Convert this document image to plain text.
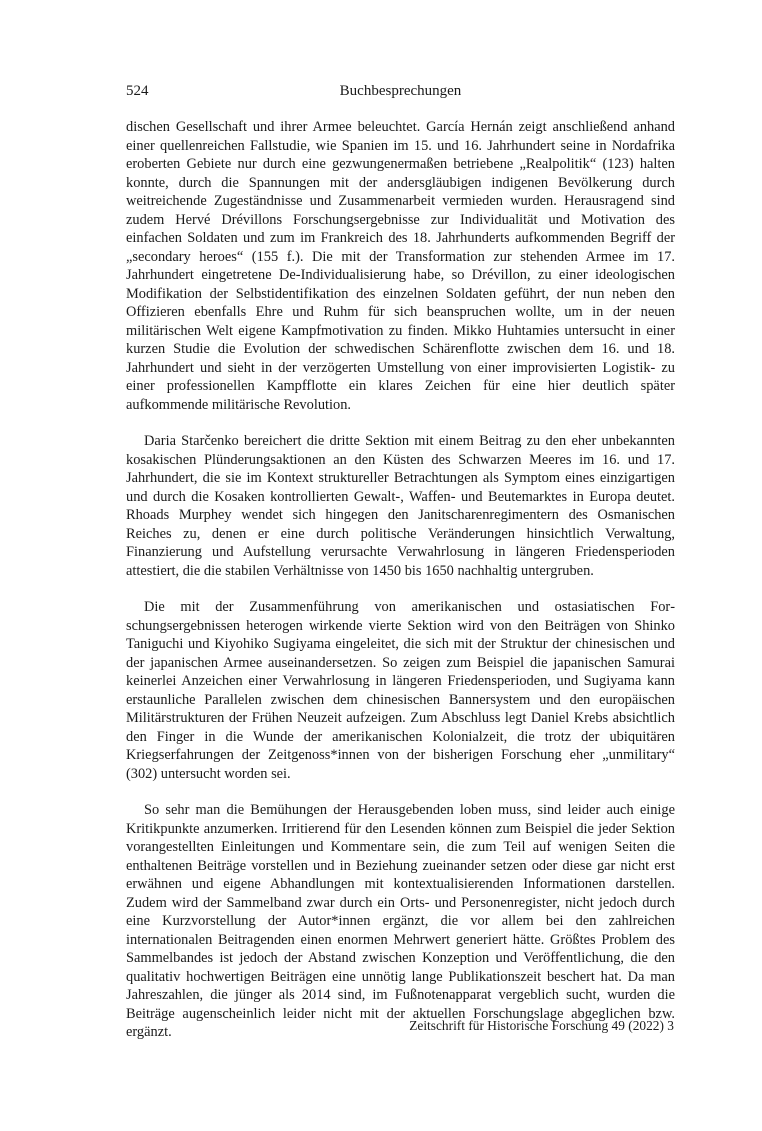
524	Buchbesprechungen

dischen Gesellschaft und ihrer Armee beleuchtet. García Hernán zeigt anschließend anhand einer quellenreichen Fallstudie, wie Spanien im 15. und 16. Jahrhundert seine in Nordafrika eroberten Gebiete nur durch eine gezwungenermaßen betriebene „Realpolitik“ (123) halten konnte, durch die Spannungen mit der andersgläubigen indigenen Bevölkerung durch weitreichende Zugeständnisse und Zusammenarbeit vermieden wurden. Herausragend sind zudem Hervé Drévillons Forschungsergebnisse zur Individualität und Motivation des einfachen Soldaten und zum im Frankreich des 18. Jahrhunderts aufkommenden Begriff der „secondary heroes“ (155 f.). Die mit der Transformation zur stehenden Armee im 17. Jahrhundert eingetretene De-Individualisierung habe, so Drévillon, zu einer ideologischen Modifikation der Selbstidentifikation des einzelnen Soldaten geführt, der nun neben den Offizieren ebenfalls Ehre und Ruhm für sich beanspruchen wollte, um in der neuen militärischen Welt eigene Kampfmotivation zu finden. Mikko Huhtamies untersucht in einer kurzen Studie die Evolution der schwedischen Schärenflotte zwischen dem 16. und 18. Jahrhundert und sieht in der verzögerten Umstellung von einer improvisierten Logistik- zu einer professionellen Kampfflotte ein klares Zeichen für eine hier deutlich später aufkommende militärische Revolution.

Daria Starčenko bereichert die dritte Sektion mit einem Beitrag zu den eher unbekannten kosakischen Plünderungsaktionen an den Küsten des Schwarzen Meeres im 16. und 17. Jahrhundert, die sie im Kontext struktureller Betrachtungen als Symptom eines einzigartigen und durch die Kosaken kontrollierten Gewalt-, Waffen- und Beutemarktes in Europa deutet. Rhoads Murphey wendet sich hingegen den Janitscharenregimentern des Osmanischen Reiches zu, denen er eine durch politische Veränderungen hinsichtlich Verwaltung, Finanzierung und Aufstellung verursachte Verwahrlosung in längeren Friedensperioden attestiert, die die stabilen Verhältnisse von 1450 bis 1650 nachhaltig untergruben.

Die mit der Zusammenführung von amerikanischen und ostasiatischen Forschungsergebnissen heterogen wirkende vierte Sektion wird von den Beiträgen von Shinko Taniguchi und Kiyohiko Sugiyama eingeleitet, die sich mit der Struktur der chinesischen und der japanischen Armee auseinandersetzen. So zeigen zum Beispiel die japanischen Samurai keinerlei Anzeichen einer Verwahrlosung in längeren Friedensperioden, und Sugiyama kann erstaunliche Parallelen zwischen dem chinesischen Bannersystem und den europäischen Militärstrukturen der Frühen Neuzeit aufzeigen. Zum Abschluss legt Daniel Krebs absichtlich den Finger in die Wunde der amerikanischen Kolonialzeit, die trotz der ubiquitären Kriegserfahrungen der Zeitgenoss*innen von der bisherigen Forschung eher „unmilitary“ (302) untersucht worden sei.

So sehr man die Bemühungen der Herausgebenden loben muss, sind leider auch einige Kritikpunkte anzumerken. Irritierend für den Lesenden können zum Beispiel die jeder Sektion vorangestellten Einleitungen und Kommentare sein, die zum Teil auf wenigen Seiten die enthaltenen Beiträge vorstellen und in Beziehung zueinander setzen oder diese gar nicht erst erwähnen und eigene Abhandlungen mit kontextualisierenden Informationen darstellen. Zudem wird der Sammelband zwar durch ein Orts- und Personenregister, nicht jedoch durch eine Kurzvorstellung der Autor*innen ergänzt, die vor allem bei den zahlreichen internationalen Beitragenden einen enormen Mehrwert generiert hätte. Größtes Problem des Sammelbandes ist jedoch der Abstand zwischen Konzeption und Veröffentlichung, die den qualitativ hochwertigen Beiträgen eine unnötig lange Publikationszeit beschert hat. Da man Jahreszahlen, die jünger als 2014 sind, im Fußnotenapparat vergeblich sucht, wurden die Beiträge augenscheinlich leider nicht mit der aktuellen Forschungslage abgeglichen bzw. ergänzt.	Zeitschrift für Historische Forschung 49 (2022) 3
